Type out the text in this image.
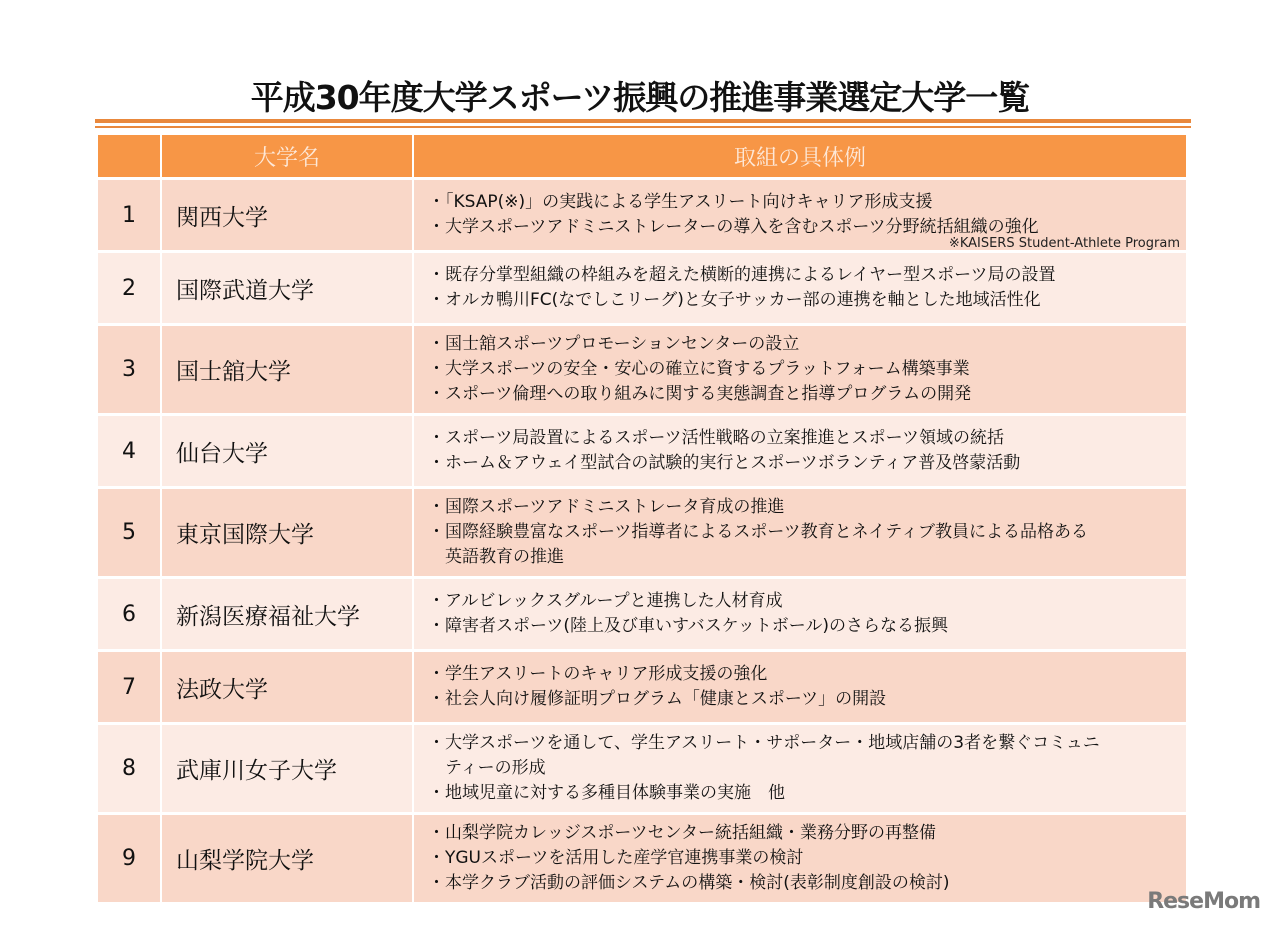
平成30年度大学スポーツ振興の推進事業選定大学一覧
	大学名	取組の具体例
1	関西大学	・「KSAP(※)」の実践による学生アスリート向けキャリア形成支援
・大学スポーツアドミニストレーターの導入を含むスポーツ分野統括組織の強化
※KAISERS Student-Athlete Program

2	国際武道大学	・既存分掌型組織の枠組みを超えた横断的連携によるレイヤー型スポーツ局の設置
・オルカ鴨川FC(なでしこリーグ)と女子サッカー部の連携を軸とした地域活性化

3	国士舘大学	・国士舘スポーツプロモーションセンターの設立
・大学スポーツの安全・安心の確立に資するプラットフォーム構築事業
・スポーツ倫理への取り組みに関する実態調査と指導プログラムの開発

4	仙台大学	・スポーツ局設置によるスポーツ活性戦略の立案推進とスポーツ領域の統括
・ホーム＆アウェイ型試合の試験的実行とスポーツボランティア普及啓蒙活動

5	東京国際大学	・国際スポーツアドミニストレータ育成の推進
・国際経験豊富なスポーツ指導者によるスポーツ教育とネイティブ教員による品格ある
　英語教育の推進

6	新潟医療福祉大学	・アルビレックスグループと連携した人材育成
・障害者スポーツ(陸上及び車いすバスケットボール)のさらなる振興

7	法政大学	・学生アスリートのキャリア形成支援の強化
・社会人向け履修証明プログラム「健康とスポーツ」の開設

8	武庫川女子大学	・大学スポーツを通して、学生アスリート・サポーター・地域店舗の3者を繋ぐコミュニ
　ティーの形成
・地域児童に対する多種目体験事業の実施　他

9	山梨学院大学	・山梨学院カレッジスポーツセンター統括組織・業務分野の再整備
・YGUスポーツを活用した産学官連携事業の検討
・本学クラブ活動の評価システムの構築・検討(表彰制度創設の検討)
ReseMom
